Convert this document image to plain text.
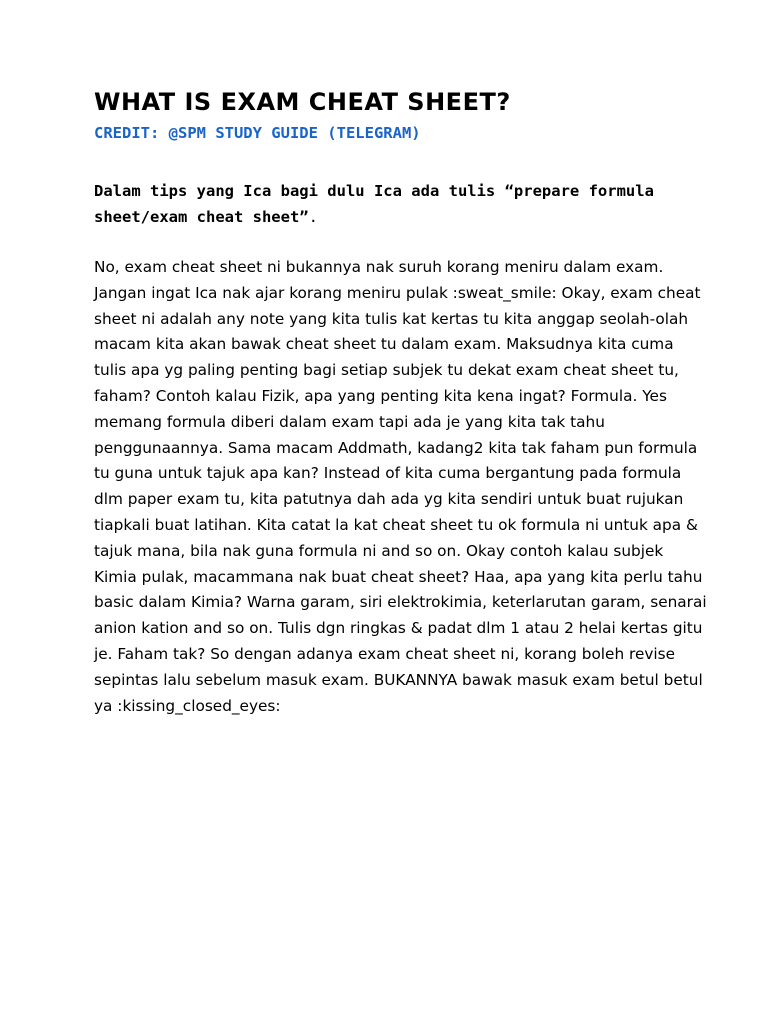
WHAT IS EXAM CHEAT SHEET?
CREDIT: @SPM STUDY GUIDE (TELEGRAM)

Dalam tips yang Ica bagi dulu Ica ada tulis “prepare formula sheet/exam cheat sheet”.

No, exam cheat sheet ni bukannya nak suruh korang meniru dalam exam. Jangan ingat Ica nak ajar korang meniru pulak :sweat_smile: Okay, exam cheat sheet ni adalah any note yang kita tulis kat kertas tu kita anggap seolah-olah macam kita akan bawak cheat sheet tu dalam exam. Maksudnya kita cuma tulis apa yg paling penting bagi setiap subjek tu dekat exam cheat sheet tu, faham? Contoh kalau Fizik, apa yang penting kita kena ingat? Formula. Yes memang formula diberi dalam exam tapi ada je yang kita tak tahu penggunaannya. Sama macam Addmath, kadang2 kita tak faham pun formula tu guna untuk tajuk apa kan? Instead of kita cuma bergantung pada formula dlm paper exam tu, kita patutnya dah ada yg kita sendiri untuk buat rujukan tiapkali buat latihan. Kita catat la kat cheat sheet tu ok formula ni untuk apa & tajuk mana, bila nak guna formula ni and so on. Okay contoh kalau subjek Kimia pulak, macammana nak buat cheat sheet? Haa, apa yang kita perlu tahu basic dalam Kimia? Warna garam, siri elektrokimia, keterlarutan garam, senarai anion kation and so on. Tulis dgn ringkas & padat dlm 1 atau 2 helai kertas gitu je. Faham tak? So dengan adanya exam cheat sheet ni, korang boleh revise sepintas lalu sebelum masuk exam. BUKANNYA bawak masuk exam betul betul ya :kissing_closed_eyes:
